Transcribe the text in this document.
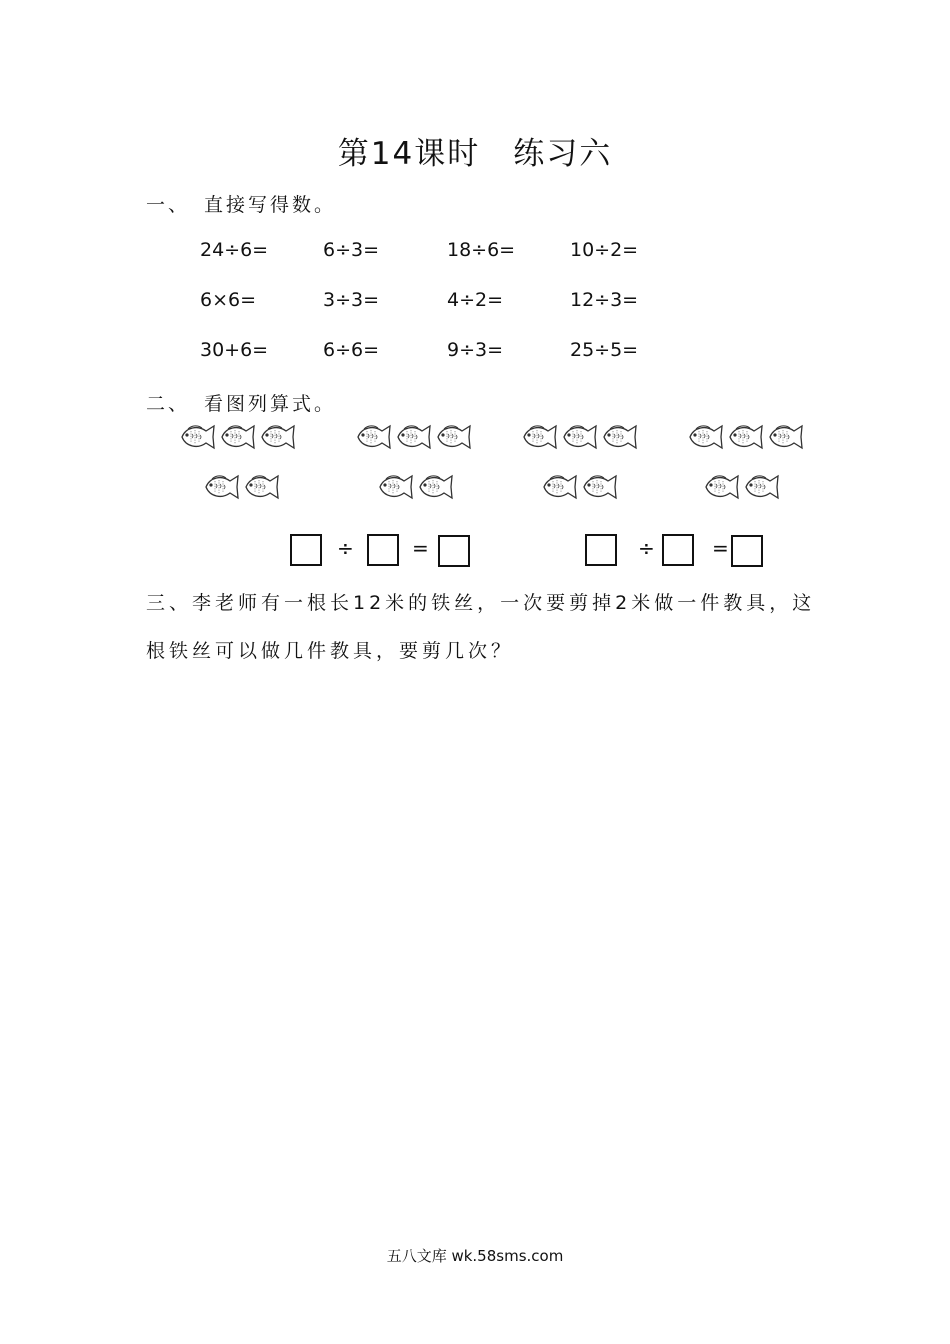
第14课时　练习六
一、 直接写得数。
24÷6=	6÷3=	18÷6=	10÷2=
6×6=	3÷3=	4÷2=	12÷3=
30+6=	6÷6=	9÷3=	25÷5=
二、 看图列算式。
÷	=	÷	=
三、李老师有一根长12米的铁丝，一次要剪掉2米做一件教具，这
根铁丝可以做几件教具，要剪几次？
五八文库 wk.58sms.com
